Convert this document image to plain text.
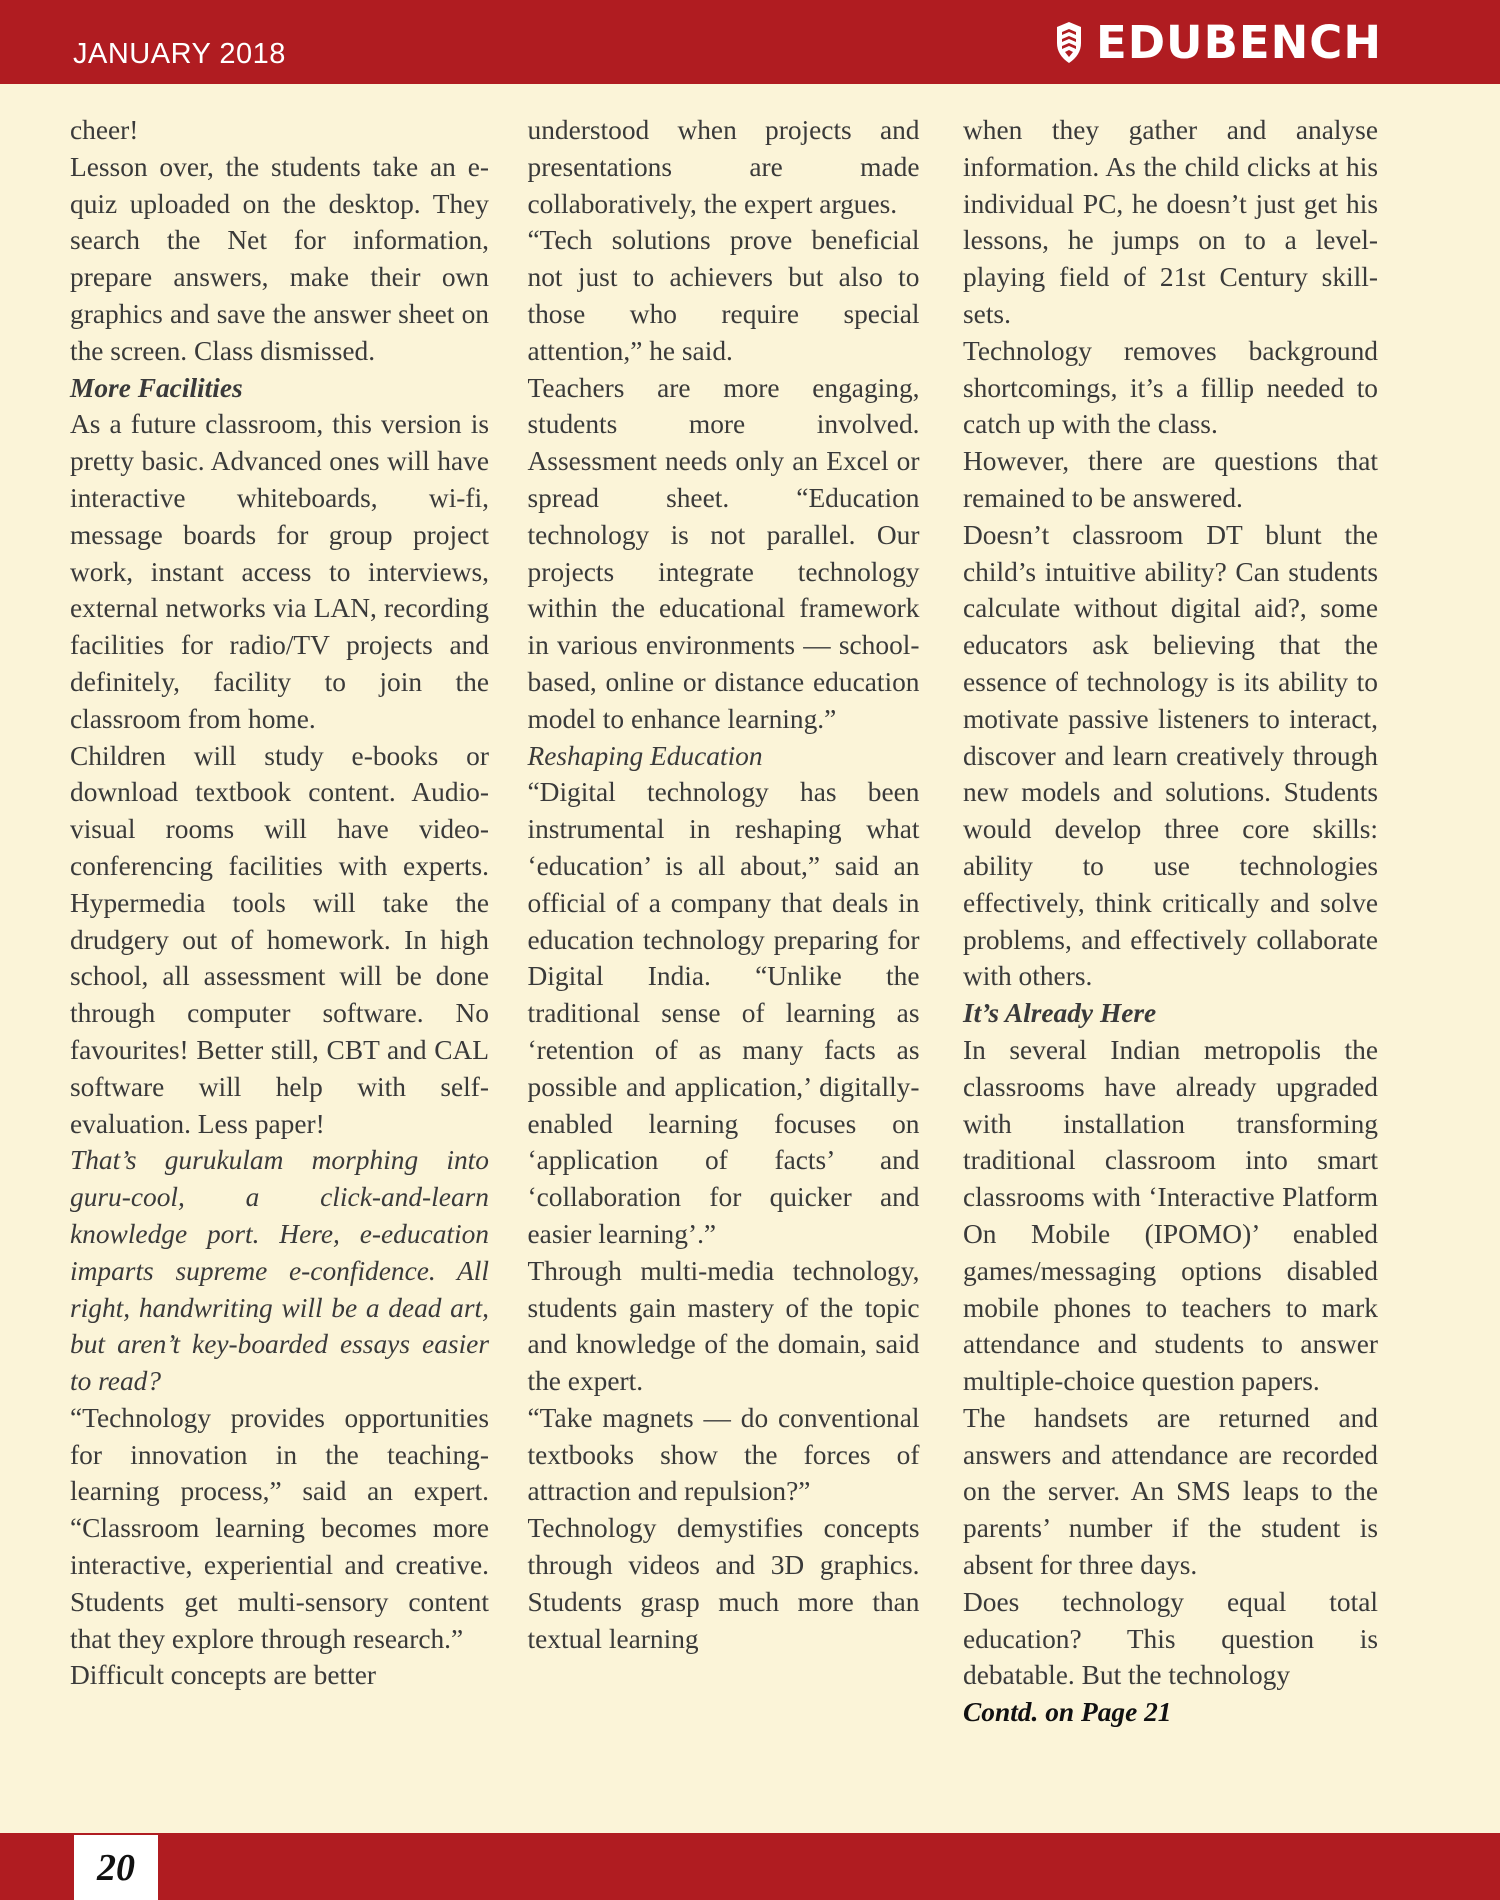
JANUARY 2018	EDUBENCH

cheer!

Lesson over, the students take an e-quiz uploaded on the desktop. They search the Net for information, prepare answers, make their own graphics and save the answer sheet on the screen. Class dismissed.

More Facilities

As a future classroom, this version is pretty basic. Advanced ones will have interactive whiteboards, wi-fi, message boards for group project work, instant access to interviews, external networks via LAN, recording facilities for radio/TV projects and definitely, facility to join the classroom from home.

Children will study e-books or download textbook content. Audio-visual rooms will have video-conferencing facilities with experts. Hypermedia tools will take the drudgery out of homework. In high school, all assessment will be done through computer software. No favourites! Better still, CBT and CAL software will help with self-evaluation. Less paper!

That’s gurukulam morphing into guru-cool, a click-and-learn knowledge port. Here, e-education imparts supreme e-confidence. All right, handwriting will be a dead art, but aren’t key-boarded essays easier to read?

“Technology provides opportunities for innovation in the teaching-learning process,” said an expert. “Classroom learning becomes more interactive, experiential and creative. Students get multi-sensory content that they explore through research.”

Difficult concepts are better

understood when projects and presentations are made collaboratively, the expert argues.

“Tech solutions prove beneficial not just to achievers but also to those who require special attention,” he said.

Teachers are more engaging, students more involved. Assessment needs only an Excel or spread sheet. “Education technology is not parallel. Our projects integrate technology within the educational framework in various environments — school-based, online or distance education model to enhance learning.”

Reshaping Education

“Digital technology has been instrumental in reshaping what ‘education’ is all about,” said an official of a company that deals in education technology preparing for Digital India. “Unlike the traditional sense of learning as ‘retention of as many facts as possible and application,’ digitally-enabled learning focuses on ‘application of facts’ and ‘collaboration for quicker and easier learning’.”

Through multi-media technology, students gain mastery of the topic and knowledge of the domain, said the expert.

“Take magnets — do conventional textbooks show the forces of attraction and repulsion?”

Technology demystifies concepts through videos and 3D graphics. Students grasp much more than textual learning

when they gather and analyse information. As the child clicks at his individual PC, he doesn’t just get his lessons, he jumps on to a level-playing field of 21st Century skill-sets.

Technology removes background shortcomings, it’s a fillip needed to catch up with the class.

However, there are questions that remained to be answered.

Doesn’t classroom DT blunt the child’s intuitive ability? Can students calculate without digital aid?, some educators ask believing that the essence of technology is its ability to motivate passive listeners to interact, discover and learn creatively through new models and solutions. Students would develop three core skills: ability to use technologies effectively, think critically and solve problems, and effectively collaborate with others.

It’s Already Here

In several Indian metropolis the classrooms have already upgraded with installation transforming traditional classroom into smart classrooms with ‘Interactive Platform On Mobile (IPOMO)’ enabled games/messaging options disabled mobile phones to teachers to mark attendance and students to answer multiple-choice question papers.

The handsets are returned and answers and attendance are recorded on the server. An SMS leaps to the parents’ number if the student is absent for three days.

Does technology equal total education? This question is debatable. But the technology

Contd. on Page 21

20
